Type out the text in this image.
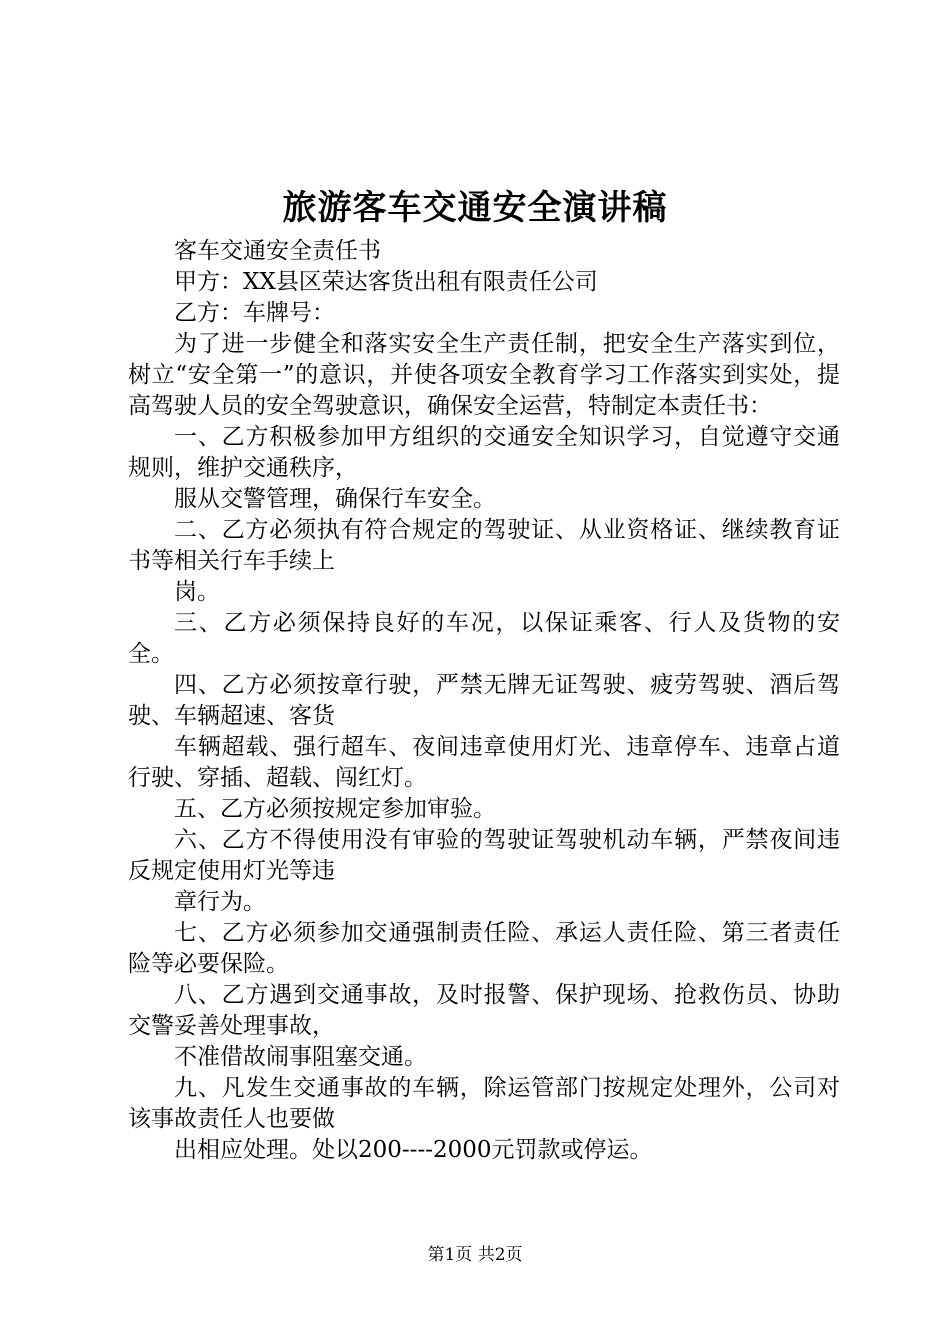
旅游客车交通安全演讲稿

客车交通安全责任书

甲方：XX县区荣达客货出租有限责任公司

乙方：车牌号：

为了进一步健全和落实安全生产责任制，把安全生产落实到位，树立“安全第一”的意识，并使各项安全教育学习工作落实到实处，提高驾驶人员的安全驾驶意识，确保安全运营，特制定本责任书：

一、乙方积极参加甲方组织的交通安全知识学习，自觉遵守交通规则，维护交通秩序，

服从交警管理，确保行车安全。

二、乙方必须执有符合规定的驾驶证、从业资格证、继续教育证书等相关行车手续上

岗。

三、乙方必须保持良好的车况，以保证乘客、行人及货物的安全。

四、乙方必须按章行驶，严禁无牌无证驾驶、疲劳驾驶、酒后驾驶、车辆超速、客货

车辆超载、强行超车、夜间违章使用灯光、违章停车、违章占道行驶、穿插、超载、闯红灯。

五、乙方必须按规定参加审验。

六、乙方不得使用没有审验的驾驶证驾驶机动车辆，严禁夜间违反规定使用灯光等违

章行为。

七、乙方必须参加交通强制责任险、承运人责任险、第三者责任险等必要保险。

八、乙方遇到交通事故，及时报警、保护现场、抢救伤员、协助交警妥善处理事故，

不准借故闹事阻塞交通。

九、凡发生交通事故的车辆，除运管部门按规定处理外，公司对该事故责任人也要做

出相应处理。处以200----2000元罚款或停运。

第1页 共2页
